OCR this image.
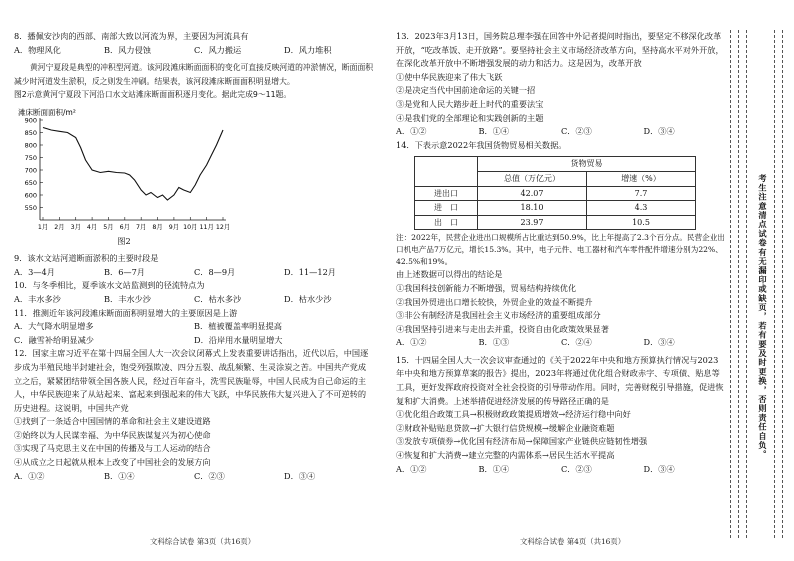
8．播佩安沙肉的西部、南部大致以河流为界，主要因为河流具有

A．物理风化	B．风力侵蚀	C．风力搬运	D．风力堆积

黄河宁夏段是典型的冲积型河道。该河段滩床断面面积的变化可直接反映河道的冲淤情况，断面面积减少时河道发生淤积，反之则发生冲刷。结果表，该河段滩床断面面积明显增大。

图2示意黄河宁夏段下河沿口水文站滩床断面面积逐月变化。据此完成9～11题。

滩床断面面积/m²
550
600
650
700
750
800
850
900
1月 2月 3月 4月 5月 6月 7月 8月 9月 10月 11月 12月
图2

9．该水文站河道断面淤积的主要时段是

A．3—4月	B．6—7月	C．8—9月	D．11—12月

10．与冬季相比，夏季该水文站监测到的径流特点为

A．丰水多沙	B．丰水少沙	C．枯水多沙	D．枯水少沙

11．推测近年该河段滩床断面面积明显增大的主要原因是上游

A．大气降水明显增多	B．植被覆盖率明显提高
C．融雪补给明显减少	D．沿岸用水量明显增大

12．国家主席习近平在第十四届全国人大一次会议闭幕式上发表重要讲话指出，近代以后，中国逐步成为半殖民地半封建社会，饱受列强欺凌、四分五裂、战乱频繁、生灵涂炭之苦。中国共产党成立之后，紧紧团结带领全国各族人民，经过百年奋斗，洗雪民族耻辱，中国人民成为自己命运的主人，中华民族迎来了从站起来、富起来到强起来的伟大飞跃，中华民族伟大复兴进入了不可逆转的历史进程。这说明，中国共产党

①找到了一条适合中国国情的革命和社会主义建设道路

②始终以为人民谋幸福、为中华民族谋复兴为初心使命

③实现了马克思主义在中国的传播及与工人运动的结合

④从成立之日起就从根本上改变了中国社会的发展方向

A．①②	B．①④	C．②③	D．③④
文科综合试卷 第3页（共16页）

13．2023年3月13日，国务院总理李强在回答中外记者提问时指出，要坚定不移深化改革开放，“吃改革饭、走开放路”。要坚持社会主义市场经济改革方向，坚持高水平对外开放，在深化改革开放中不断增强发展的动力和活力。这是因为，改革开放

①使中华民族迎来了伟大飞跃

②是决定当代中国前途命运的关键一招

③是党和人民大踏步赶上时代的重要法宝

④是我们党的全部理论和实践创新的主题

A．①②	B．①④	C．②③	D．③④

14．下表示意2022年我国货物贸易相关数据。

	货物贸易	
	总值（万亿元）	增速（%）
进出口	42.07	7.7
进　口	18.10	4.3
出　口	23.97	10.5

注：2022年，民营企业进出口规模所占比重达到50.9%，比上年提高了2.3个百分点。民营企业出口机电产品7万亿元，增长15.3%。其中，电子元件、电工器材和汽车零件配件增速分别为22%、42.5%和19%。

由上述数据可以得出的结论是

①我国科技创新能力不断增强，贸易结构持续优化

②我国外贸进出口增长较快，外贸企业的效益不断提升

③非公有制经济是我国社会主义市场经济的重要组成部分

④我国坚持引进来与走出去并重，投资自由化政策效果显著

A．①②	B．①③	C．②④	D．③④

15．十四届全国人大一次会议审查通过的《关于2022年中央和地方预算执行情况与2023年中央和地方预算草案的报告》提出，2023年将通过优化组合财政赤字、专项债、贴息等工具，更好发挥政府投资对全社会投资的引导带动作用。同时，完善财税引导措施，促进恢复和扩大消费。上述举措促进经济发展的传导路径正确的是

①优化组合政策工具→积极财政政策提质增效→经济运行稳中向好

②财政补贴贴息贷款→扩大银行信贷规模→缓解企业融资难题

③发放专项债券→优化国有经济布局→保障国家产业链供应链韧性增强

④恢复和扩大消费→建立完整的内需体系→居民生活水平提高

A．①②	B．①④	C．②③	D．③④
文科综合试卷 第4页（共16页）
考生注意清点试卷有无漏印或缺页，若有要及时更换，否则责任自负。
